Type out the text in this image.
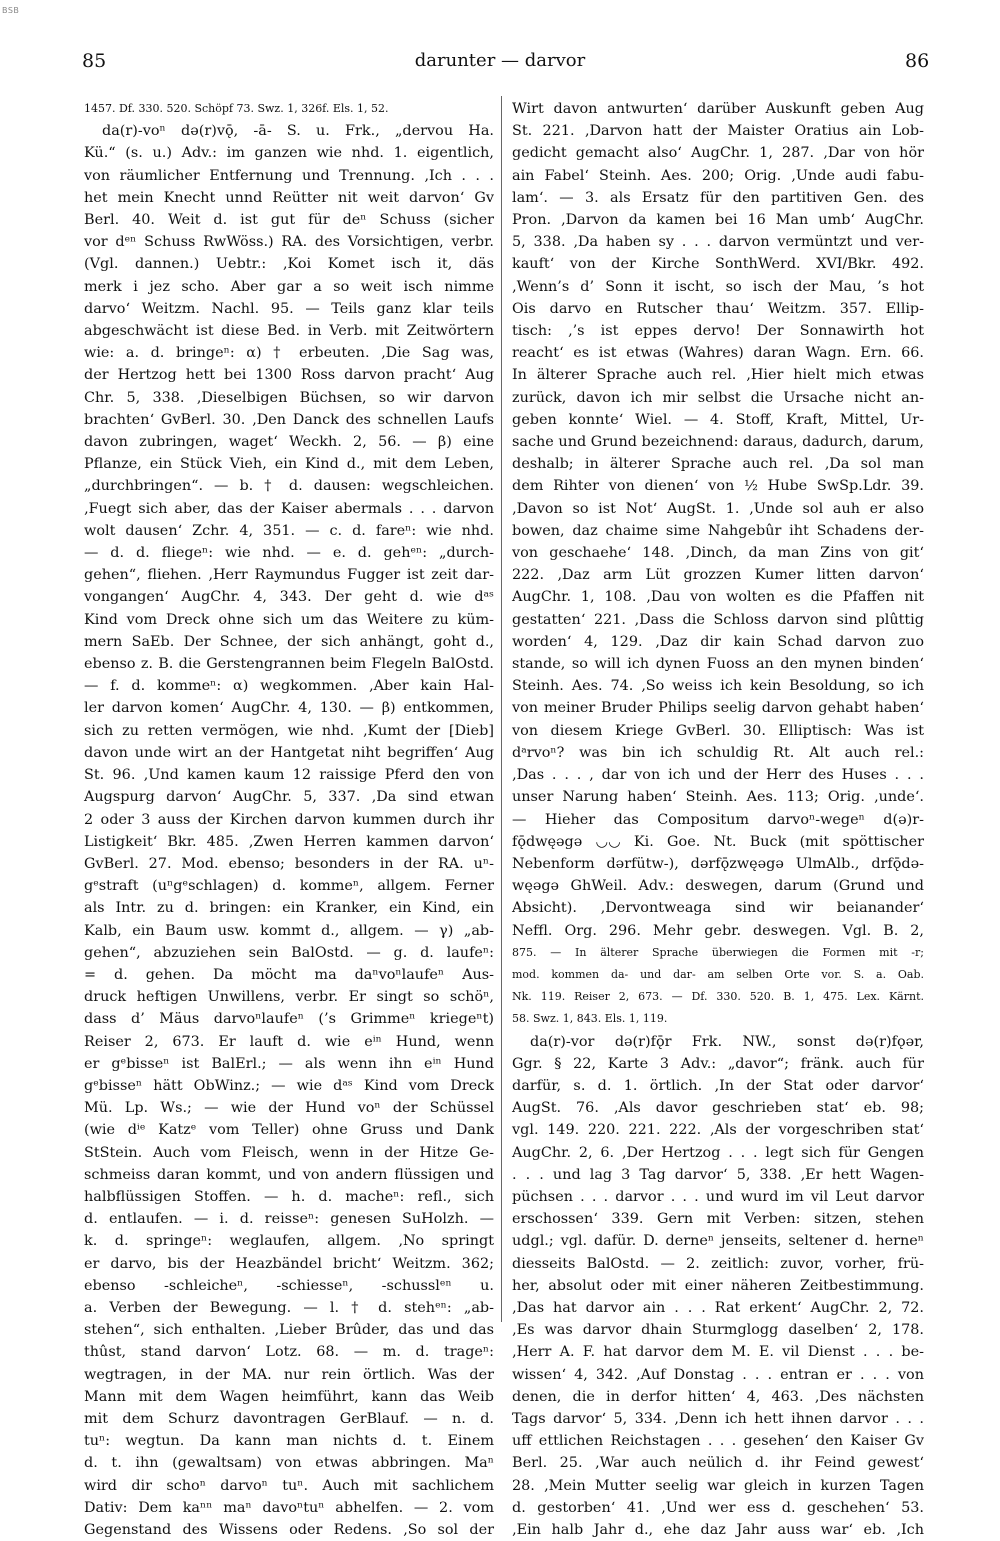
BSB
85	darunter — darvor	86

1457. Df. 330. 520. Schöpf 73. Swz. 1, 326f. Els. 1, 52.

da(r)-voⁿ də(r)vǭ, -ā- S. u. Frk., „dervou Ha.

Kü.“ (s. u.) Adv.: im ganzen wie nhd. 1. eigentlich,

von räumlicher Entfernung und Trennung. ‚Ich . . .

het mein Knecht unnd Reütter nit weit darvon‘ Gv

Berl. 40. Weit d. ist gut für deⁿ Schuss (sicher

vor dᵉⁿ Schuss RwWöss.) RA. des Vorsichtigen, verbr.

(Vgl. dannen.) Uebtr.: ‚Koi Komet isch it, däs

merk i jez scho. Aber gar a so weit isch nimme

darvo‘ Weitzm. Nachl. 95. — Teils ganz klar teils

abgeschwächt ist diese Bed. in Verb. mit Zeitwörtern

wie: a. d. bringeⁿ: α) † erbeuten. ‚Die Sag was,

der Hertzog hett bei 1300 Ross darvon pracht‘ Aug

Chr. 5, 338. ‚Dieselbigen Büchsen, so wir darvon

brachten‘ GvBerl. 30. ‚Den Danck des schnellen Laufs

davon zubringen, waget‘ Weckh. 2, 56. — β) eine

Pflanze, ein Stück Vieh, ein Kind d., mit dem Leben,

„durchbringen“. — b. † d. dausen: wegschleichen.

‚Fuegt sich aber, das der Kaiser abermals . . . darvon

wolt dausen‘ Zchr. 4, 351. — c. d. fareⁿ: wie nhd.

— d. d. fliegeⁿ: wie nhd. — e. d. gehᵉⁿ: „durch-

gehen“, fliehen. ‚Herr Raymundus Fugger ist zeit dar-

vongangen‘ AugChr. 4, 343. Der geht d. wie dᵃˢ

Kind vom Dreck ohne sich um das Weitere zu küm-

mern SaEb. Der Schnee, der sich anhängt, goht d.,

ebenso z. B. die Gerstengrannen beim Flegeln BalOstd.

— f. d. kommeⁿ: α) wegkommen. ‚Aber kain Hal-

ler darvon komen‘ AugChr. 4, 130. — β) entkommen,

sich zu retten vermögen, wie nhd. ‚Kumt der [Dieb]

davon unde wirt an der Hantgetat niht begriffen‘ Aug

St. 96. ‚Und kamen kaum 12 raissige Pferd den von

Augspurg darvon‘ AugChr. 5, 337. ‚Da sind etwan

2 oder 3 auss der Kirchen darvon kummen durch ihr

Listigkeit‘ Bkr. 485. ‚Zwen Herren kammen darvon‘

GvBerl. 27. Mod. ebenso; besonders in der RA. uⁿ-

gᵉstraft (uⁿgᵉschlagen) d. kommeⁿ, allgem. Ferner

als Intr. zu d. bringen: ein Kranker, ein Kind, ein

Kalb, ein Baum usw. kommt d., allgem. — γ) „ab-

gehen“, abzuziehen sein BalOstd. — g. d. laufeⁿ:

= d. gehen. Da möcht ma daⁿvoⁿlaufeⁿ Aus-

druck heftigen Unwillens, verbr. Er singt so schöⁿ,

dass d’ Mäus darvoⁿlaufeⁿ (’s Grimmeⁿ kriegeⁿt)

Reiser 2, 673. Er lauft d. wie eⁱⁿ Hund, wenn

er gᵉbisseⁿ ist BalErl.; — als wenn ihn eⁱⁿ Hund

gᵉbisseⁿ hätt ObWinz.; — wie dᵃˢ Kind vom Dreck

Mü. Lp. Ws.; — wie der Hund voⁿ der Schüssel

(wie dⁱᵉ Katzᵉ vom Teller) ohne Gruss und Dank

StStein. Auch vom Fleisch, wenn in der Hitze Ge-

schmeiss daran kommt, und von andern flüssigen und

halbflüssigen Stoffen. — h. d. macheⁿ: refl., sich

d. entlaufen. — i. d. reisseⁿ: genesen SuHolzh. —

k. d. springeⁿ: weglaufen, allgem. ‚No springt

er darvo, bis der Heazbändel bricht‘ Weitzm. 362;

ebenso -schleicheⁿ, -schiesseⁿ, -schusslᵉⁿ u.

a. Verben der Bewegung. — l. † d. stehᵉⁿ: „ab-

stehen“, sich enthalten. ‚Lieber Brûder, das und das

thûst, stand darvon‘ Lotz. 68. — m. d. trageⁿ:

wegtragen, in der MA. nur rein örtlich. Was der

Mann mit dem Wagen heimführt, kann das Weib

mit dem Schurz davontragen GerBlauf. — n. d.

tuⁿ: wegtun. Da kann man nichts d. t. Einem

d. t. ihn (gewaltsam) von etwas abbringen. Maⁿ

wird dir schoⁿ darvoⁿ tuⁿ. Auch mit sachlichem

Dativ: Dem kaⁿⁿ maⁿ davoⁿtuⁿ abhelfen. — 2. vom

Gegenstand des Wissens oder Redens. ‚So sol der

Wirt davon antwurten‘ darüber Auskunft geben Aug

St. 221. ‚Darvon hatt der Maister Oratius ain Lob-

gedicht gemacht also‘ AugChr. 1, 287. ‚Dar von hör

ain Fabel‘ Steinh. Aes. 200; Orig. ‚Unde audi fabu-

lam‘. — 3. als Ersatz für den partitiven Gen. des

Pron. ‚Darvon da kamen bei 16 Man umb‘ AugChr.

5, 338. ‚Da haben sy . . . darvon vermüntzt und ver-

kauft‘ von der Kirche SonthWerd. XVI/Bkr. 492.

‚Wenn’s d’ Sonn it ischt, so isch der Mau, ’s hot

Ois darvo en Rutscher thau‘ Weitzm. 357. Ellip-

tisch: ‚’s ist eppes dervo! Der Sonnawirth hot

reacht‘ es ist etwas (Wahres) daran Wagn. Ern. 66.

In älterer Sprache auch rel. ‚Hier hielt mich etwas

zurück, davon ich mir selbst die Ursache nicht an-

geben konnte‘ Wiel. — 4. Stoff, Kraft, Mittel, Ur-

sache und Grund bezeichnend: daraus, dadurch, darum,

deshalb; in älterer Sprache auch rel. ‚Da sol man

dem Rihter von dienen‘ von ½ Hube SwSp.Ldr. 39.

‚Davon so ist Not‘ AugSt. 1. ‚Unde sol auh er also

bowen, daz chaime sime Nahgebûr iht Schadens der-

von geschaehe‘ 148. ‚Dinch, da man Zins von git‘

222. ‚Daz arm Lüt grozzen Kumer litten darvon‘

AugChr. 1, 108. ‚Dau von wolten es die Pfaffen nit

gestatten‘ 221. ‚Dass die Schloss darvon sind plûttig

worden‘ 4, 129. ‚Daz dir kain Schad darvon zuo

stande, so will ich dynen Fuoss an den mynen binden‘

Steinh. Aes. 74. ‚So weiss ich kein Besoldung, so ich

von meiner Bruder Philips seelig darvon gehabt haben‘

von diesem Kriege GvBerl. 30. Elliptisch: Was ist

dᵃrvoⁿ? was bin ich schuldig Rt. Alt auch rel.:

‚Das . . . , dar von ich und der Herr des Huses . . .

unser Narung haben‘ Steinh. Aes. 113; Orig. ‚unde‘.

— Hieher das Compositum darvoⁿ-wegeⁿ d(ə)r-

fǭdwęəgə ◡◡ Ki. Goe. Nt. Buck (mit spöttischer

Nebenform dərfütw-), dərfǭzwęəgə UlmAlb., drfǭdə-

węəgə GhWeil. Adv.: deswegen, darum (Grund und

Absicht). ‚Dervontweaga sind wir beianander‘

Neffl. Org. 296. Mehr gebr. deswegen. Vgl. B. 2,

875. — In älterer Sprache überwiegen die Formen mit -r;

mod. kommen da- und dar- am selben Orte vor. S. a. Oab.

Nk. 119. Reiser 2, 673. — Df. 330. 520. B. 1, 475. Lex. Kärnt.

58. Swz. 1, 843. Els. 1, 119.

da(r)-vor də(r)fǭr Frk. NW., sonst də(r)fǫər,

Ggr. § 22, Karte 3 Adv.: „davor“; fränk. auch für

darfür, s. d. 1. örtlich. ‚In der Stat oder darvor‘

AugSt. 76. ‚Als davor geschrieben stat‘ eb. 98;

vgl. 149. 220. 221. 222. ‚Als der vorgeschriben stat‘

AugChr. 2, 6. ‚Der Hertzog . . . legt sich für Gengen

. . . und lag 3 Tag darvor‘ 5, 338. ‚Er hett Wagen-

püchsen . . . darvor . . . und wurd im vil Leut darvor

erschossen‘ 339. Gern mit Verben: sitzen, stehen

udgl.; vgl. dafür. D. derneⁿ jenseits, seltener d. herneⁿ

diesseits BalOstd. — 2. zeitlich: zuvor, vorher, frü-

her, absolut oder mit einer näheren Zeitbestimmung.

‚Das hat darvor ain . . . Rat erkent‘ AugChr. 2, 72.

‚Es was darvor dhain Sturmglogg daselben‘ 2, 178.

‚Herr A. F. hat darvor dem M. E. vil Dienst . . . be-

wissen‘ 4, 342. ‚Auf Donstag . . . entran er . . . von

denen, die in derfor hitten‘ 4, 463. ‚Des nächsten

Tags darvor‘ 5, 334. ‚Denn ich hett ihnen darvor . . .

uff ettlichen Reichstagen . . . gesehen‘ den Kaiser Gv

Berl. 25. ‚War auch neülich d. ihr Feind gewest‘

28. ‚Mein Mutter seelig war gleich in kurzen Tagen

d. gestorben‘ 41. ‚Und wer ess d. geschehen‘ 53.

‚Ein halb Jahr d., ehe daz Jahr auss war‘ eb. ‚Ich
